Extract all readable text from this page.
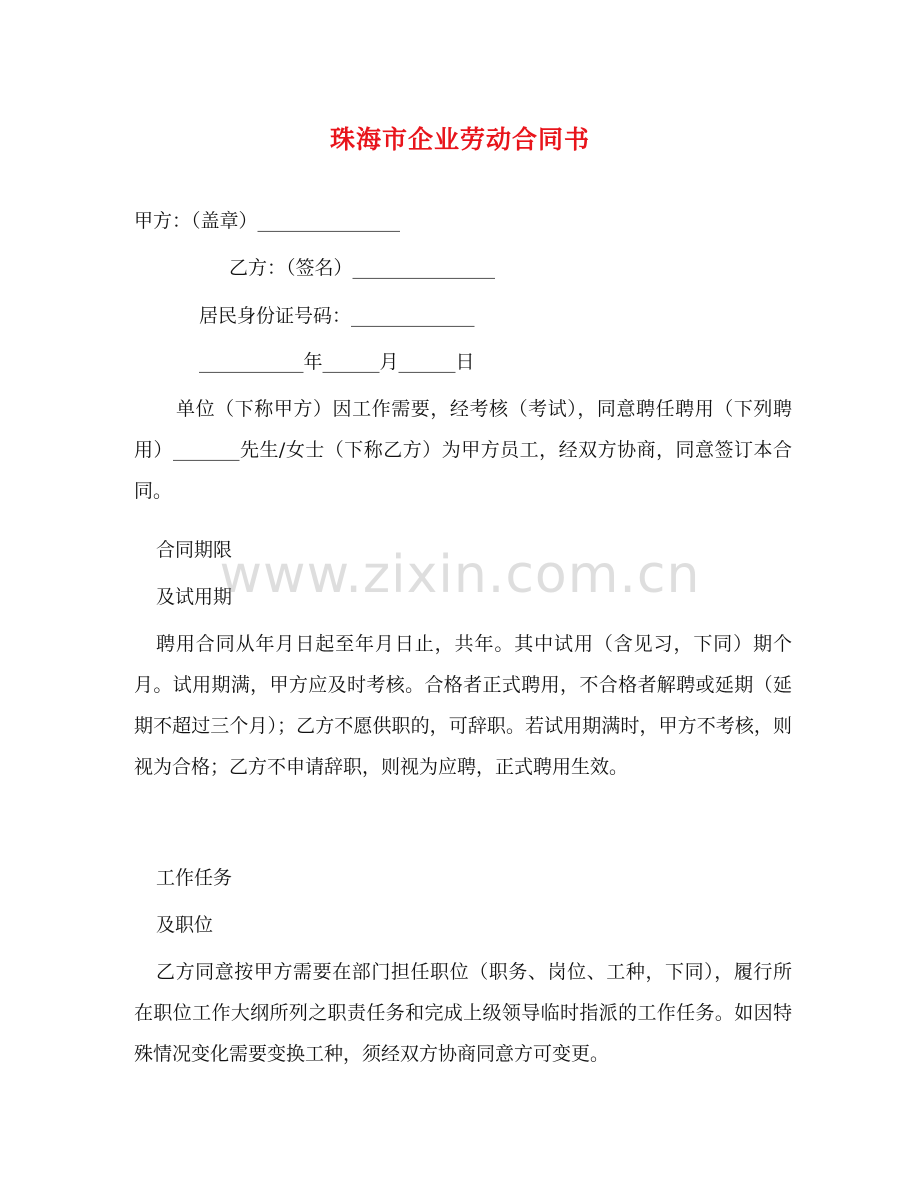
珠海市企业劳动合同书
甲方：（盖章）_______________
乙方：（签名）_______________
居民身份证号码：_____________
___________年______月______日
单位（下称甲方）因工作需要，经考核（考试），同意聘任聘用（下列聘用）_______先生/女士（下称乙方）为甲方员工，经双方协商，同意签订本合同。
合同期限
及试用期
聘用合同从年月日起至年月日止，共年。其中试用（含见习，下同）期个月。试用期满，甲方应及时考核。合格者正式聘用，不合格者解聘或延期（延期不超过三个月）；乙方不愿供职的，可辞职。若试用期满时，甲方不考核，则视为合格；乙方不申请辞职，则视为应聘，正式聘用生效。
工作任务
及职位
乙方同意按甲方需要在部门担任职位（职务、岗位、工种，下同），履行所在职位工作大纲所列之职责任务和完成上级领导临时指派的工作任务。如因特殊情况变化需要变换工种，须经双方协商同意方可变更。
www.zixin.com.cn
